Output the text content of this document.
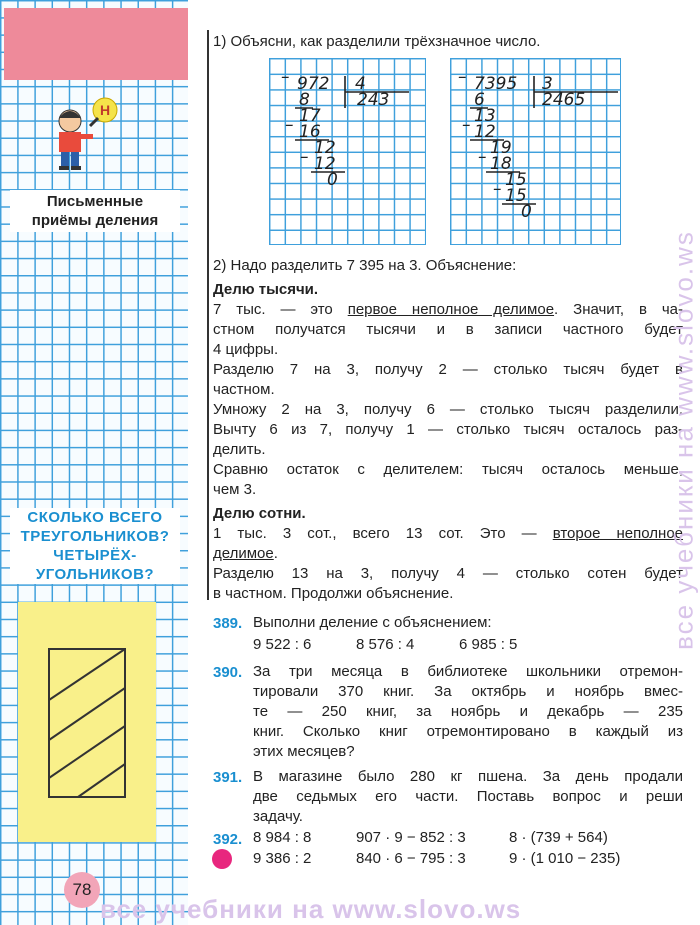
Н
Письменные
приёмы деления
СКОЛЬКО ВСЕГО
ТРЕУГОЛЬНИКОВ?
ЧЕТЫРЁХ-
УГОЛЬНИКОВ?
78
1) Объясни, как разделили трёхзначное число.
972 4
243
–
8
17
– 16
12
– 12
0
7395 3
2465
–
6
13
– 12
19
– 18
15
– 15
0
2) Надо разделить 7 395 на 3. Объяснение:
Делю тысячи.
7 тыс. — это первое неполное делимое. Значит, в ча-
стном получатся тысячи и в записи частного будет
4 цифры.
Разделю 7 на 3, получу 2 — столько тысяч будет в
частном.
Умножу 2 на 3, получу 6 — столько тысяч разделили.
Вычту 6 из 7, получу 1 — столько тысяч осталось раз-
делить.
Сравню остаток с делителем: тысяч осталось меньше,
чем 3.
Делю сотни.
1 тыс. 3 сот., всего 13 сот. Это — второе неполное
делимое.
Разделю 13 на 3, получу 4 — столько сотен будет
в частном. Продолжи объяснение.
389. Выполни деление с объяснением:
9 522 : 6	8 576 : 4	6 985 : 5
390. За три месяца в библиотеке школьники отремон-
тировали 370 книг. За октябрь и ноябрь вмес-
те — 250 книг, за ноябрь и декабрь — 235
книг. Сколько книг отремонтировано в каждый из
этих месяцев?
391. В магазине было 280 кг пшена. За день продали
две седьмых его части. Поставь вопрос и реши
задачу.
392. 8 984 : 8	907 · 9 − 852 : 3	8 · (739 + 564)
9 386 : 2	840 · 6 − 795 : 3	9 · (1 010 − 235)
все учебники на www.slovo.ws
все учебники на www.slovo.ws
